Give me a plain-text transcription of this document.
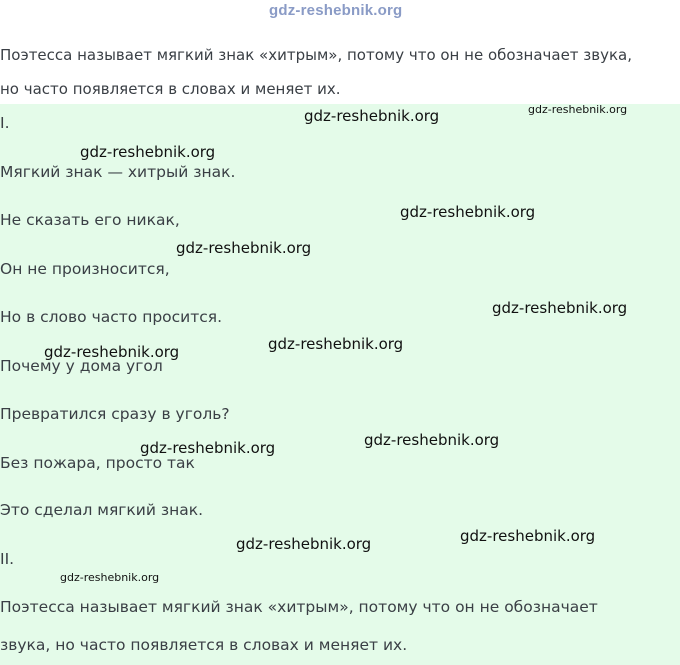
gdz-reshebnik.org
Поэтесса называет мягкий знак «хитрым», потому что он не обозначает звука,
но часто появляется в словах и меняет их.
I.
Мягкий знак — хитрый знак.
Не сказать его никак,
Он не произносится,
Но в слово часто просится.
Почему у дома угол
Превратился сразу в уголь?
Без пожара, просто так
Это сделал мягкий знак.
II.
Поэтесса называет мягкий знак «хитрым», потому что он не обозначает
звука, но часто появляется в словах и меняет их.
gdz-reshebnik.org	gdz-reshebnik.org
gdz-reshebnik.org
gdz-reshebnik.org
gdz-reshebnik.org
gdz-reshebnik.org
gdz-reshebnik.org
gdz-reshebnik.org
gdz-reshebnik.org
gdz-reshebnik.org
gdz-reshebnik.org
gdz-reshebnik.org
gdz-reshebnik.org
